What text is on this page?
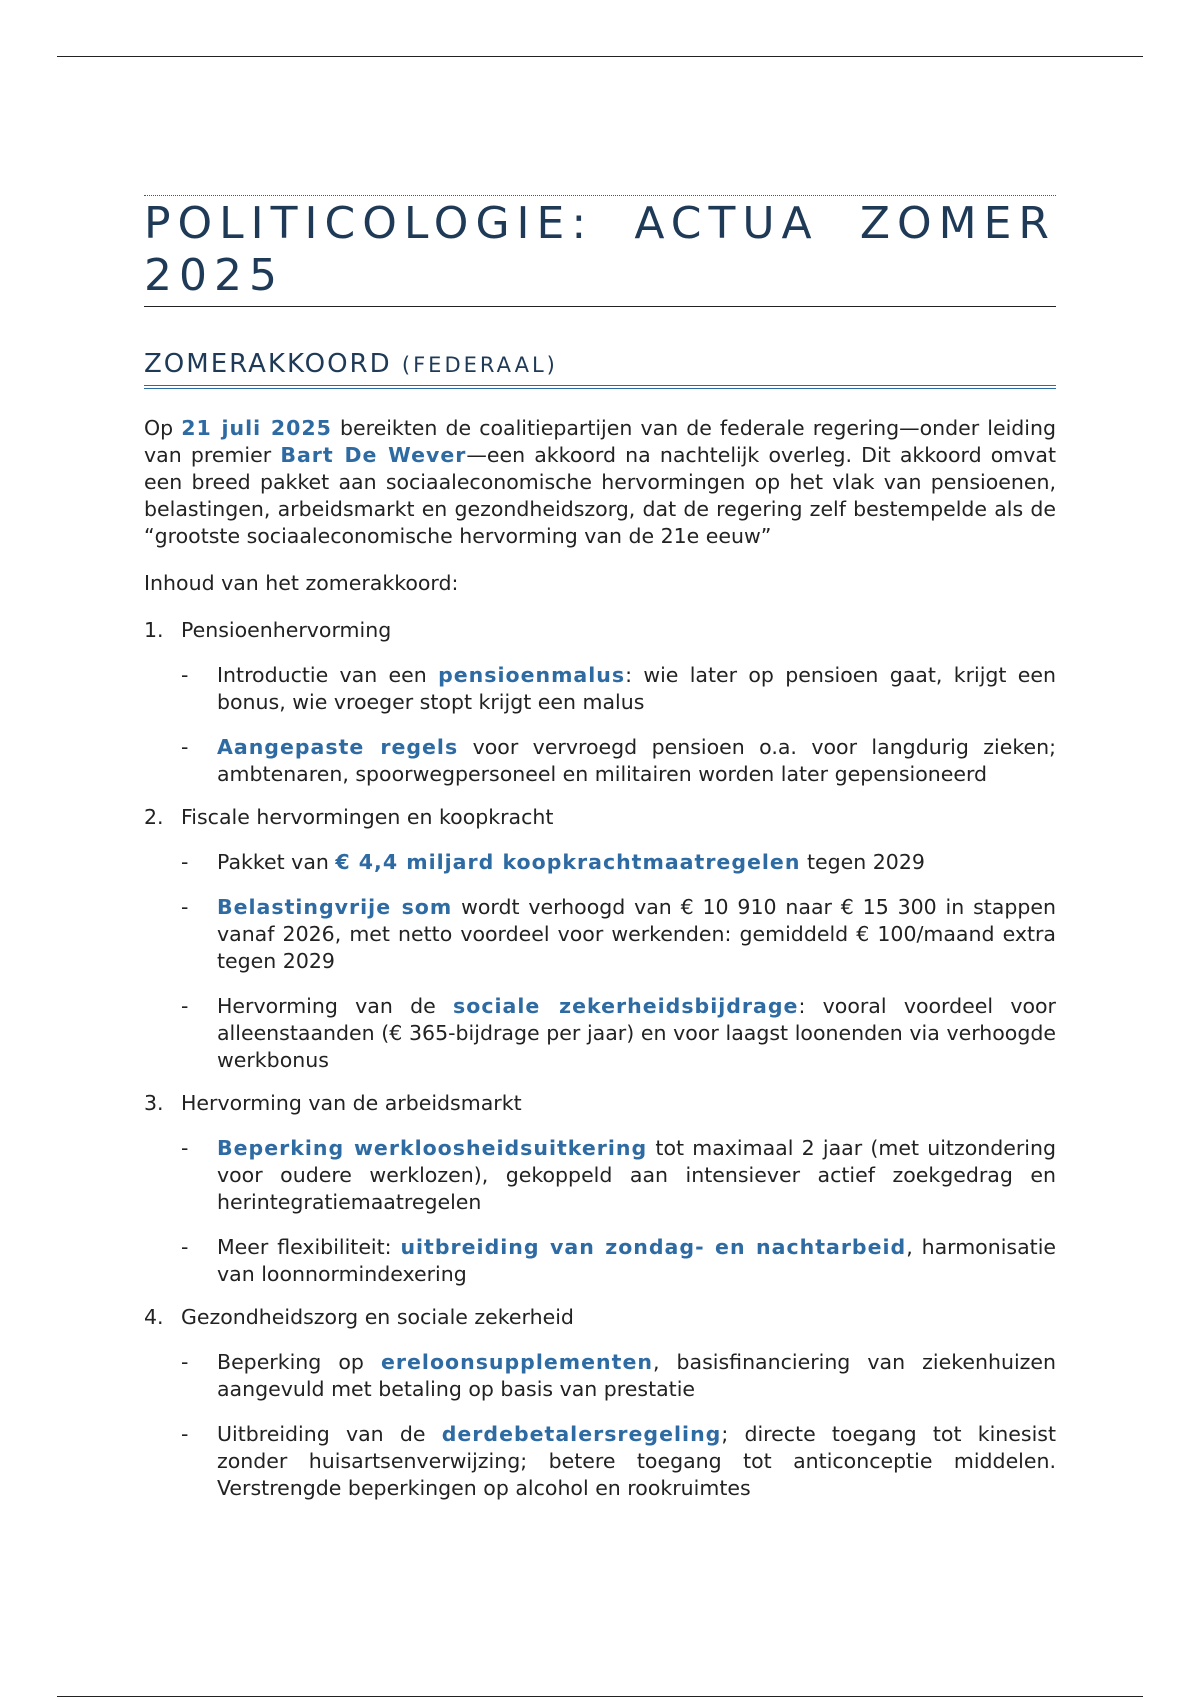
POLITICOLOGIE: ACTUA ZOMER 2025
ZOMERAKKOORD (FEDERAAL)

Op 21 juli 2025 bereikten de coalitiepartijen van de federale regering—onder leiding van premier Bart De Wever—een akkoord na nachtelijk overleg. Dit akkoord omvat een breed pakket aan sociaaleconomische hervormingen op het vlak van pensioenen, belastingen, arbeidsmarkt en gezondheidszorg, dat de regering zelf bestempelde als de “grootste sociaaleconomische hervorming van de 21e eeuw”

Inhoud van het zomerakkoord:

1. Pensioenhervorming
- Introductie van een pensioenmalus: wie later op pensioen gaat, krijgt een bonus, wie vroeger stopt krijgt een malus
- Aangepaste regels voor vervroegd pensioen o.a. voor langdurig zieken; ambtenaren, spoorwegpersoneel en militairen worden later gepensioneerd
2. Fiscale hervormingen en koopkracht
- Pakket van € 4,4 miljard koopkrachtmaatregelen tegen 2029
- Belastingvrije som wordt verhoogd van € 10 910 naar € 15 300 in stappen vanaf 2026, met netto voordeel voor werkenden: gemiddeld € 100/maand extra tegen 2029
- Hervorming van de sociale zekerheidsbijdrage: vooral voordeel voor alleenstaanden (€ 365-bijdrage per jaar) en voor laagst loonenden via verhoogde werkbonus
3. Hervorming van de arbeidsmarkt
- Beperking werkloosheidsuitkering tot maximaal 2 jaar (met uitzondering voor oudere werklozen), gekoppeld aan intensiever actief zoekgedrag en herintegratiemaatregelen
- Meer flexibiliteit: uitbreiding van zondag- en nachtarbeid, harmonisatie van loonnormindexering
4. Gezondheidszorg en sociale zekerheid
- Beperking op ereloonsupplementen, basisfinanciering van ziekenhuizen aangevuld met betaling op basis van prestatie
- Uitbreiding van de derdebetalersregeling; directe toegang tot kinesist zonder huisartsenverwijzing; betere toegang tot anticonceptie middelen. Verstrengde beperkingen op alcohol en rookruimtes
